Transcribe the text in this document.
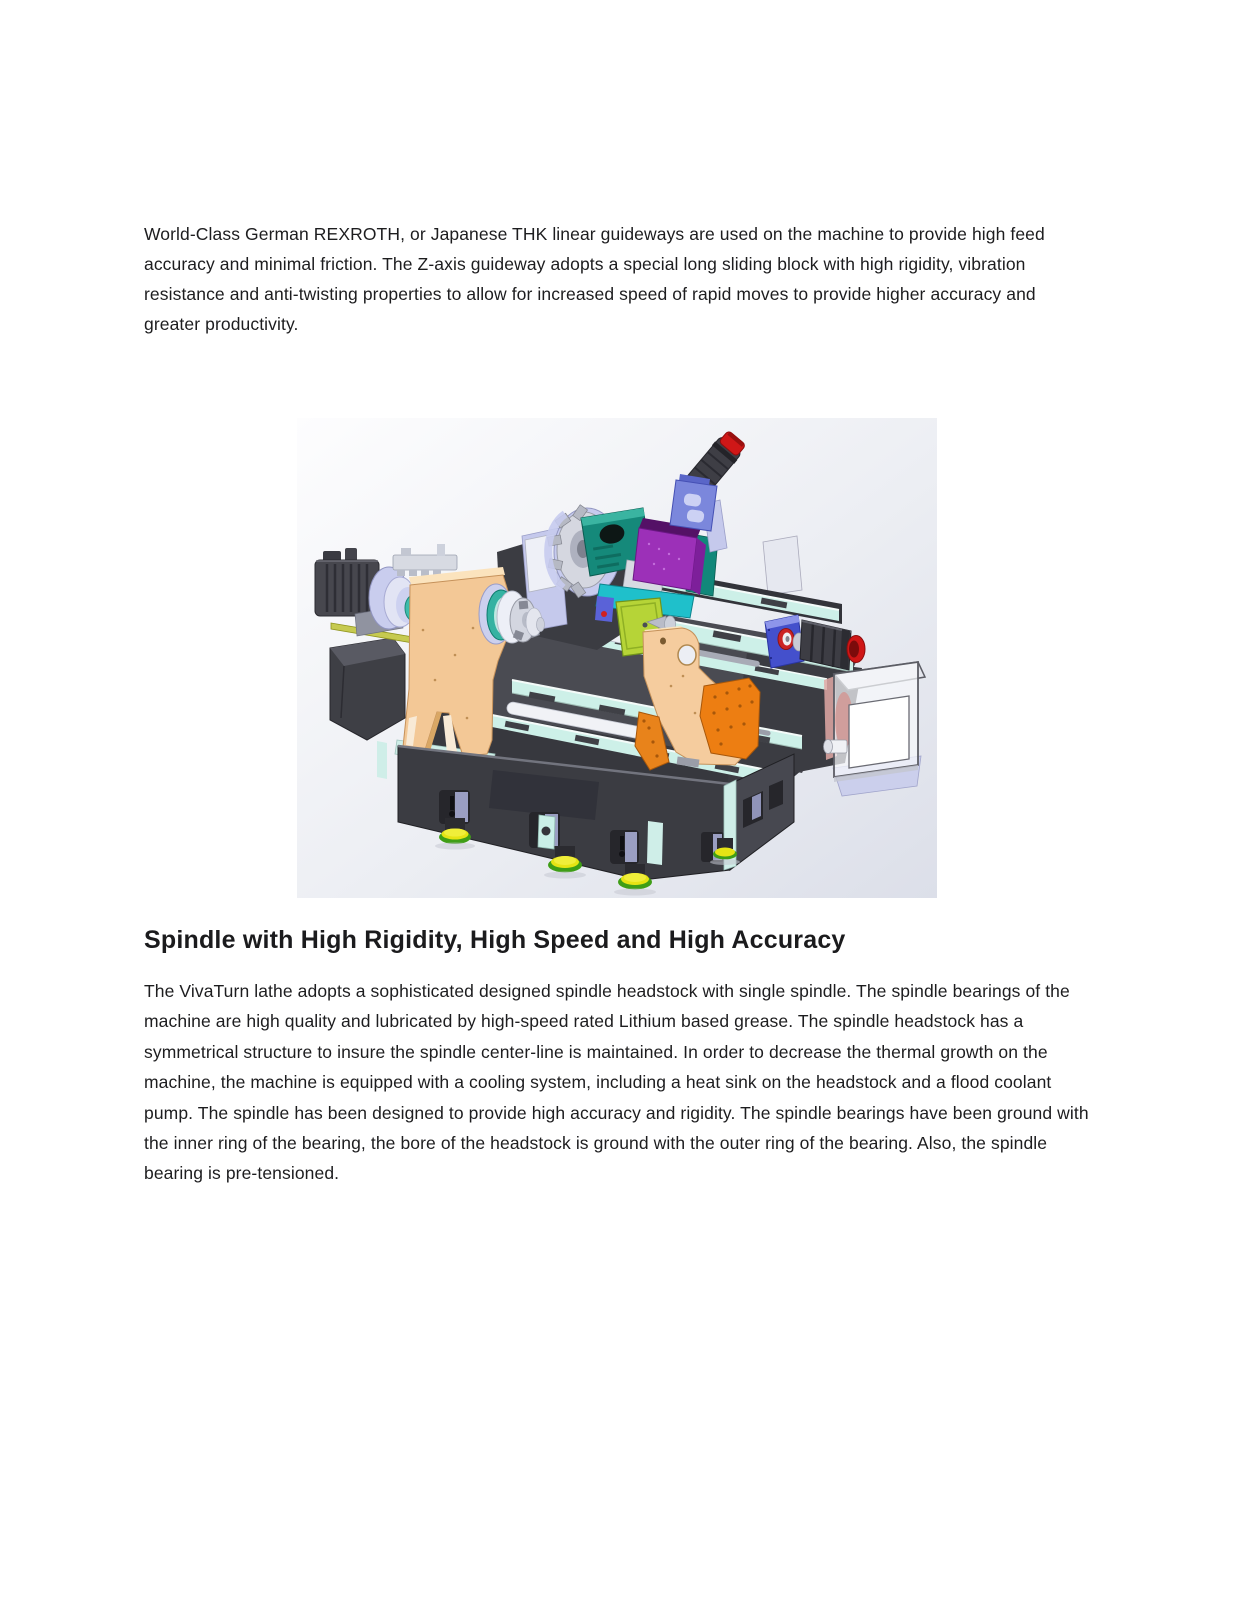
World-Class German REXROTH, or Japanese THK linear guideways are used on the machine to provide high feed accuracy and minimal friction. The Z-axis guideway adopts a special long sliding block with high rigidity, vibration resistance and anti-twisting properties to allow for increased speed of rapid moves to provide higher accuracy and greater productivity.

Spindle with High Rigidity, High Speed and High Accuracy

The VivaTurn lathe adopts a sophisticated designed spindle headstock with single spindle. The spindle bearings of the machine are high quality and lubricated by high-speed rated Lithium based grease. The spindle headstock has a symmetrical structure to insure the spindle center-line is maintained. In order to decrease the thermal growth on the machine, the machine is equipped with a cooling system, including a heat sink on the headstock and a flood coolant pump. The spindle has been designed to provide high accuracy and rigidity. The spindle bearings have been ground with the inner ring of the bearing, the bore of the headstock is ground with the outer ring of the bearing. Also, the spindle bearing is pre-tensioned.
